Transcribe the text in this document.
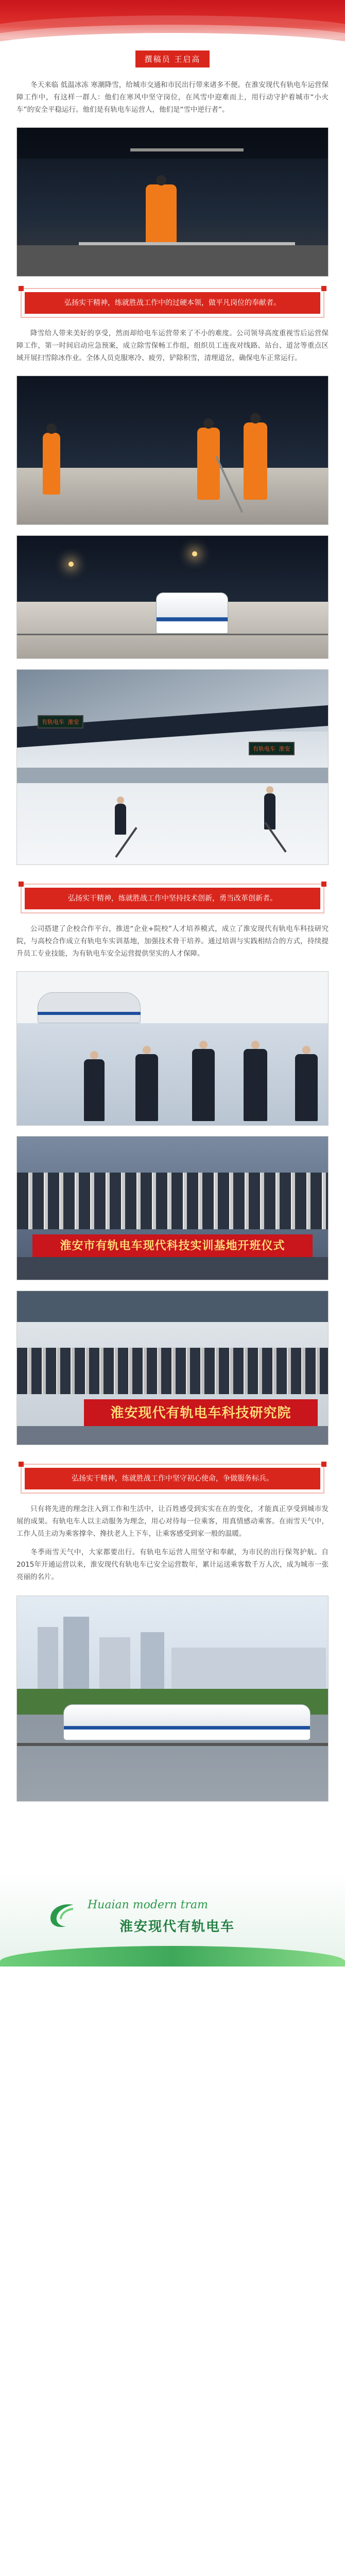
撰稿员 王启高

冬天来临 低温冰冻 寒潮降雪，给城市交通和市民出行带来诸多不便。在淮安现代有轨电车运营保障工作中，有这样一群人：他们在寒风中坚守岗位，在风雪中迎难而上，用行动守护着城市“小火车”的安全平稳运行。他们是有轨电车运营人，他们是“雪中逆行者”。

弘扬实干精神，练就胜战工作中的过硬本领，做平凡岗位的奉献者。

降雪给人带来美好的享受，然而却给电车运营带来了不小的难度。公司领导高度重视雪后运营保障工作，第一时间启动应急预案，成立除雪保畅工作组，组织员工连夜对线路、站台、道岔等重点区域开展扫雪除冰作业。全体人员克服寒冷、疲劳，铲除积雪，清理道岔，确保电车正常运行。

有轨电车 淮安
有轨电车 淮安
弘扬实干精神，练就胜战工作中坚持技术创新，勇当改革创新者。

公司搭建了企校合作平台，推进“企业+院校”人才培养模式，成立了淮安现代有轨电车科技研究院，与高校合作成立有轨电车实训基地，加强技术骨干培养。通过培训与实践相结合的方式，持续提升员工专业技能，为有轨电车安全运营提供坚实的人才保障。

淮安市有轨电车现代科技实训基地开班仪式
淮安现代有轨电车科技研究院
弘扬实干精神，练就胜战工作中坚守初心使命，争做服务标兵。

只有将先进的理念注入到工作和生活中，让百姓感受到实实在在的变化，才能真正享受到城市发展的成果。有轨电车人以主动服务为理念，用心对待每一位乘客，用真情感动乘客。在雨雪天气中，工作人员主动为乘客撑伞、搀扶老人上下车，让乘客感受到家一般的温暖。

冬季雨雪天气中，大家都要出行。有轨电车运营人用坚守和奉献，为市民的出行保驾护航。自2015年开通运营以来，淮安现代有轨电车已安全运营数年，累计运送乘客数千万人次，成为城市一张亮丽的名片。

Huaian modern tram
淮安现代有轨电车
